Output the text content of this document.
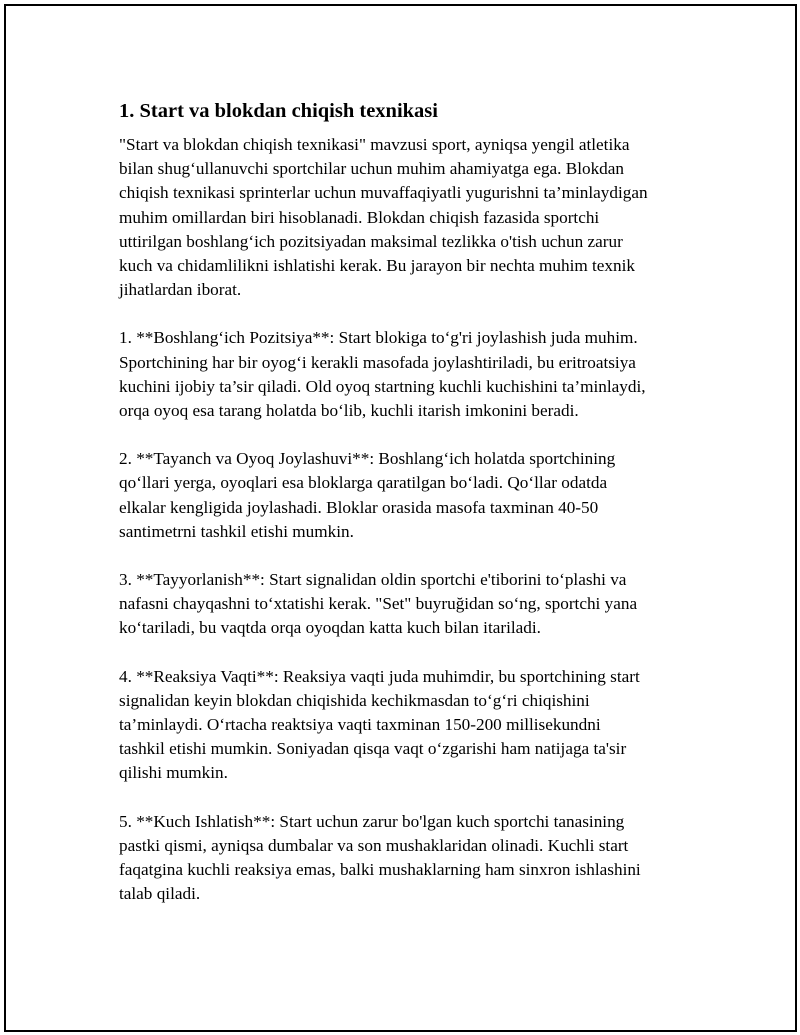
1. Start va blokdan chiqish texnikasi

"Start va blokdan chiqish texnikasi" mavzusi sport, ayniqsa yengil atletika
bilan shug‘ullanuvchi sportchilar uchun muhim ahamiyatga ega. Blokdan
chiqish texnikasi sprinterlar uchun muvaffaqiyatli yugurishni ta’minlaydigan
muhim omillardan biri hisoblanadi. Blokdan chiqish fazasida sportchi
uttirilgan boshlang‘ich pozitsiyadan maksimal tezlikka o'tish uchun zarur
kuch va chidamlilikni ishlatishi kerak. Bu jarayon bir nechta muhim texnik
jihatlardan iborat.

1. **Boshlang‘ich Pozitsiya**: Start blokiga to‘g'ri joylashish juda muhim.
Sportchining har bir oyog‘i kerakli masofada joylashtiriladi, bu eritroatsiya
kuchini ijobiy ta’sir qiladi. Old oyoq startning kuchli kuchishini ta’minlaydi,
orqa oyoq esa tarang holatda bo‘lib, kuchli itarish imkonini beradi.

2. **Tayanch va Oyoq Joylashuvi**: Boshlang‘ich holatda sportchining
qo‘llari yerga, oyoqlari esa bloklarga qaratilgan bo‘ladi. Qo‘llar odatda
elkalar kengligida joylashadi. Bloklar orasida masofa taxminan 40-50
santimetrni tashkil etishi mumkin.

3. **Tayyorlanish**: Start signalidan oldin sportchi e'tiborini to‘plashi va
nafasni chayqashni to‘xtatishi kerak. "Set" buyruğidan so‘ng, sportchi yana
ko‘tariladi, bu vaqtda orqa oyoqdan katta kuch bilan itariladi.

4. **Reaksiya Vaqti**: Reaksiya vaqti juda muhimdir, bu sportchining start
signalidan keyin blokdan chiqishida kechikmasdan to‘g‘ri chiqishini
ta’minlaydi. O‘rtacha reaktsiya vaqti taxminan 150-200 millisekundni
tashkil etishi mumkin. Soniyadan qisqa vaqt o‘zgarishi ham natijaga ta'sir
qilishi mumkin.

5. **Kuch Ishlatish**: Start uchun zarur bo'lgan kuch sportchi tanasining
pastki qismi, ayniqsa dumbalar va son mushaklaridan olinadi. Kuchli start
faqatgina kuchli reaksiya emas, balki mushaklarning ham sinxron ishlashini
talab qiladi.
